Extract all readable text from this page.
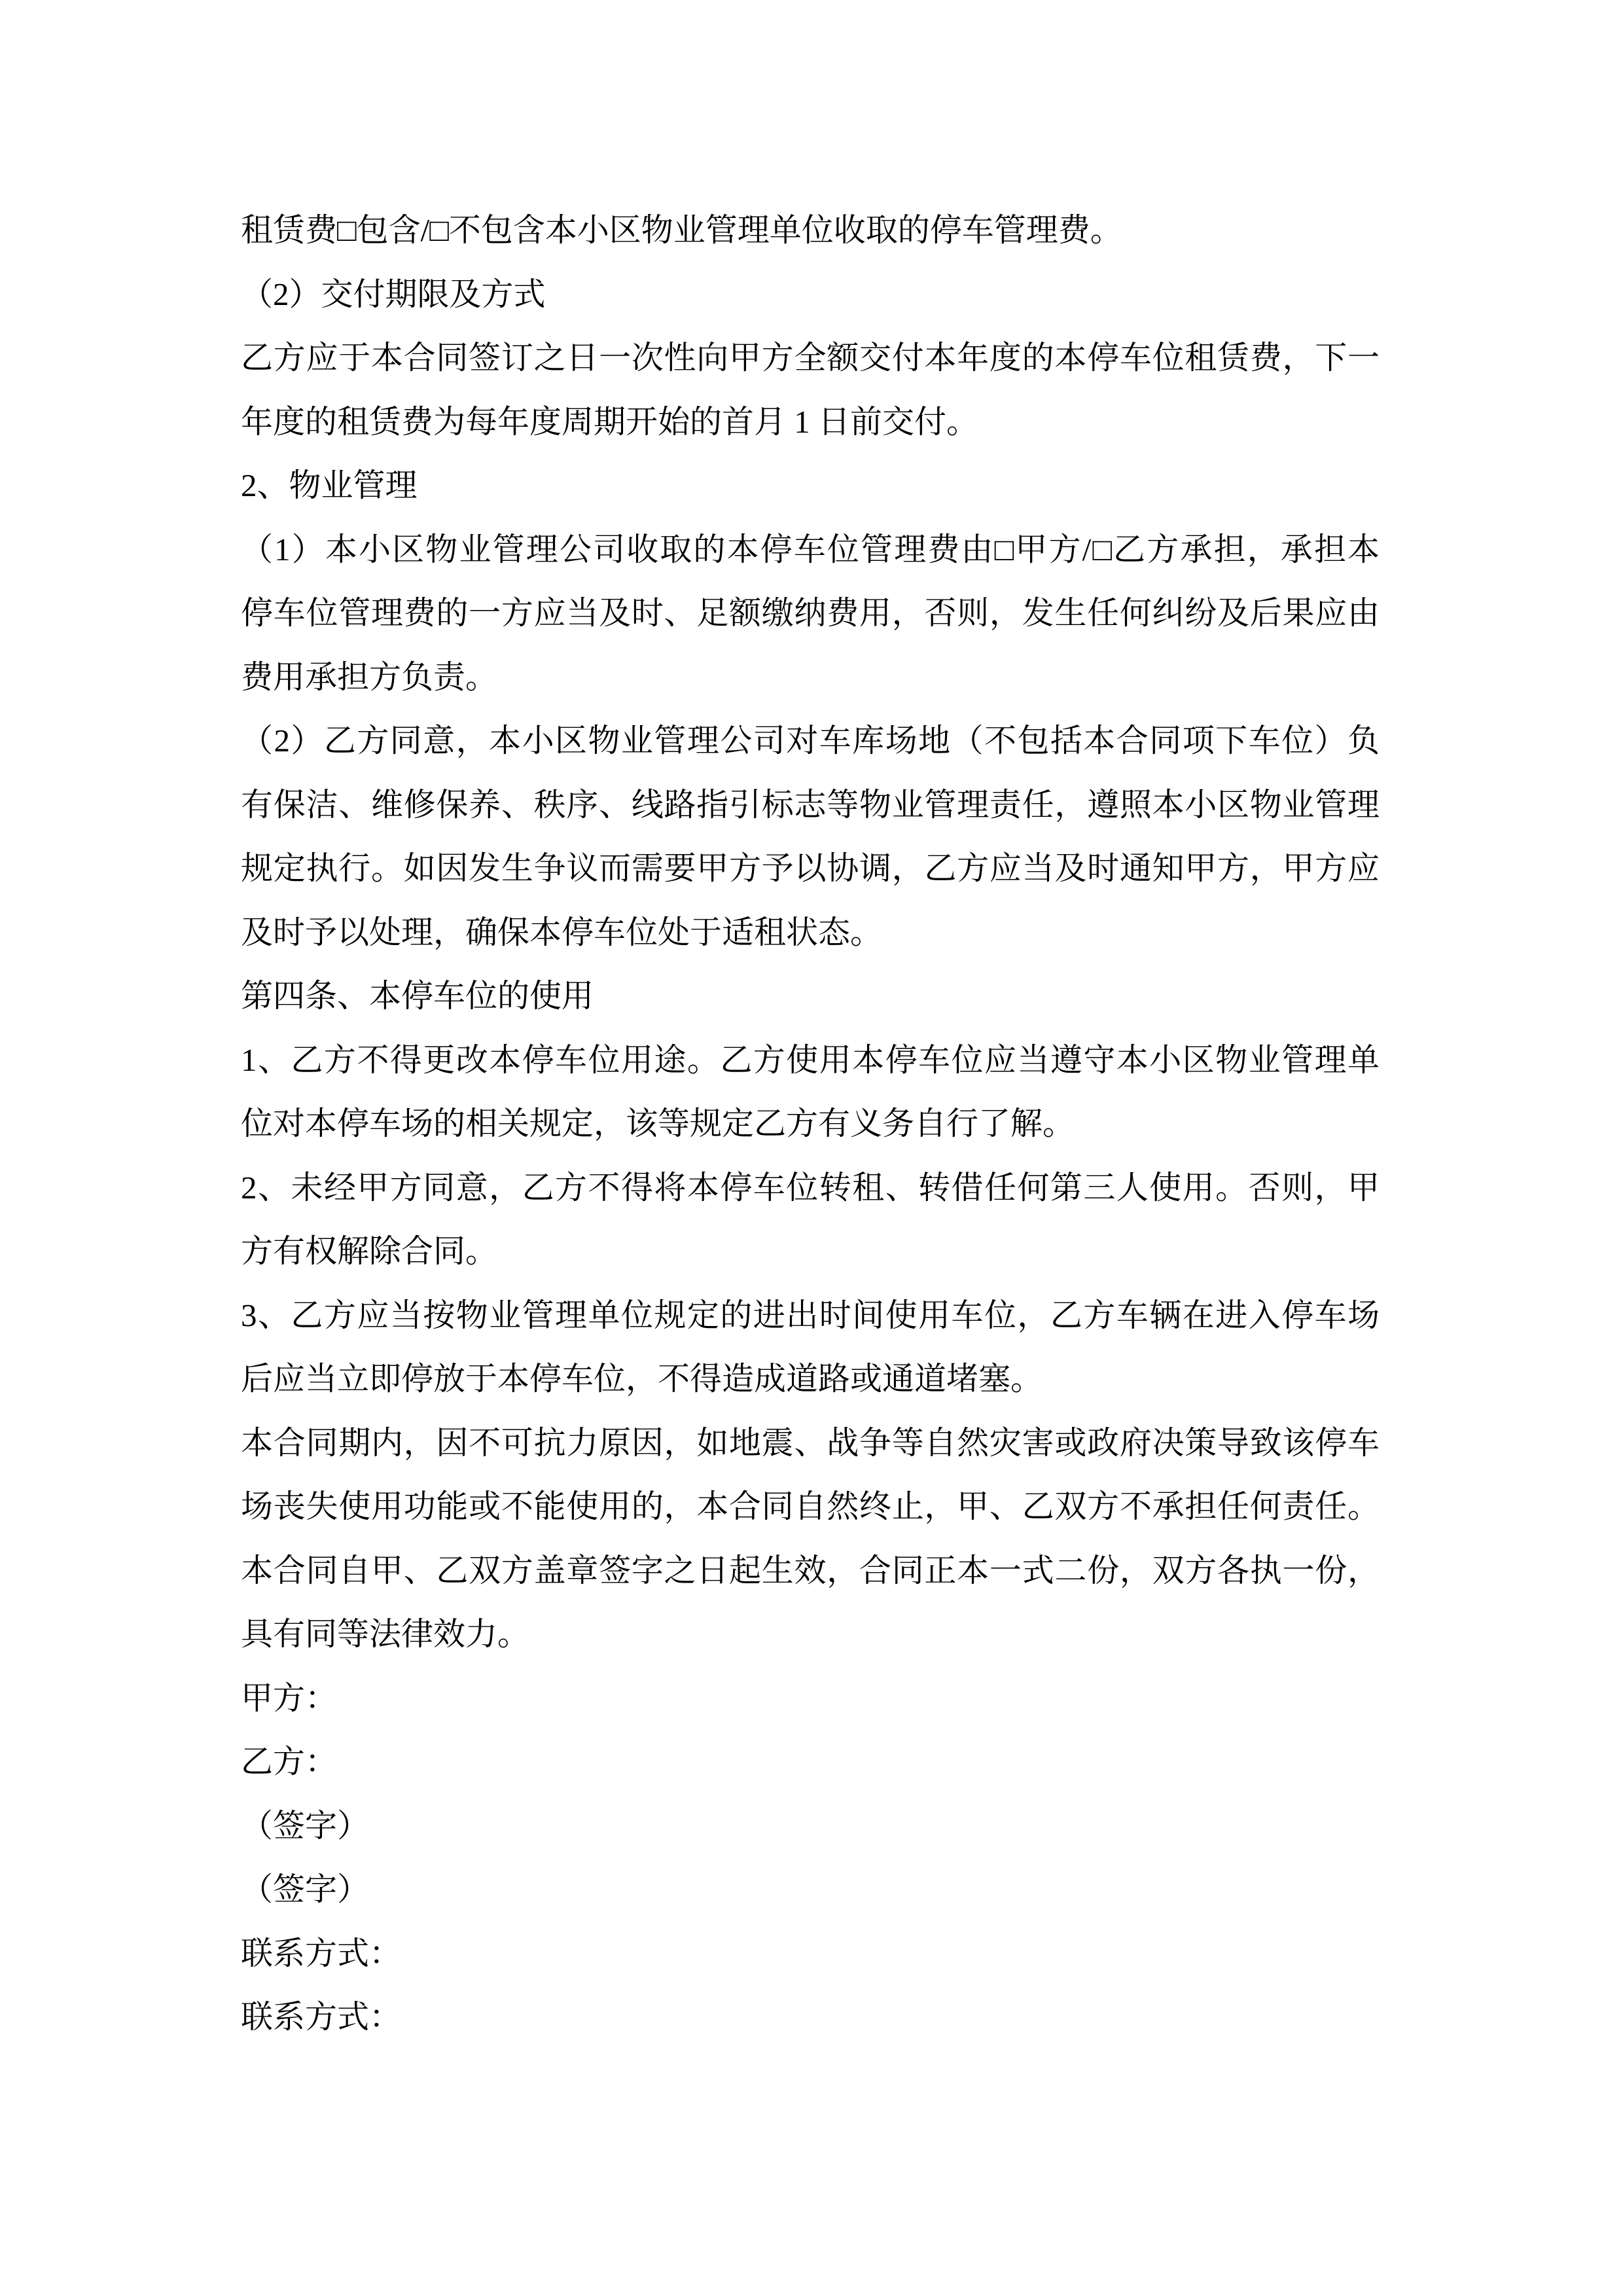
租赁费□包含/□不包含本小区物业管理单位收取的停车管理费。
（2）交付期限及方式
乙方应于本合同签订之日一次性向甲方全额交付本年度的本停车位租赁费，下一
年度的租赁费为每年度周期开始的首月 1 日前交付。
2、物业管理
（1）本小区物业管理公司收取的本停车位管理费由□甲方/□乙方承担，承担本
停车位管理费的一方应当及时、足额缴纳费用，否则，发生任何纠纷及后果应由
费用承担方负责。
（2）乙方同意，本小区物业管理公司对车库场地（不包括本合同项下车位）负
有保洁、维修保养、秩序、线路指引标志等物业管理责任，遵照本小区物业管理
规定执行。如因发生争议而需要甲方予以协调，乙方应当及时通知甲方，甲方应
及时予以处理，确保本停车位处于适租状态。
第四条、本停车位的使用
1、乙方不得更改本停车位用途。乙方使用本停车位应当遵守本小区物业管理单
位对本停车场的相关规定，该等规定乙方有义务自行了解。
2、未经甲方同意，乙方不得将本停车位转租、转借任何第三人使用。否则，甲
方有权解除合同。
3、乙方应当按物业管理单位规定的进出时间使用车位，乙方车辆在进入停车场
后应当立即停放于本停车位，不得造成道路或通道堵塞。
本合同期内，因不可抗力原因，如地震、战争等自然灾害或政府决策导致该停车
场丧失使用功能或不能使用的，本合同自然终止，甲、乙双方不承担任何责任。
本合同自甲、乙双方盖章签字之日起生效，合同正本一式二份，双方各执一份，
具有同等法律效力。
甲方：
乙方：
（签字）
（签字）
联系方式：
联系方式：
